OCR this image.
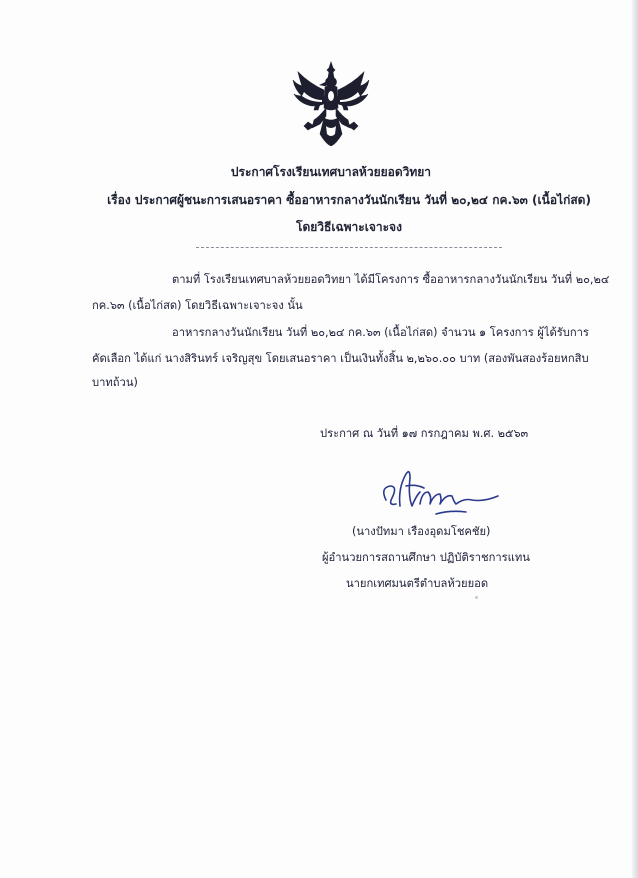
ประกาศโรงเรียนเทศบาลห้วยยอดวิทยา
เรื่อง ประกาศผู้ชนะการเสนอราคา ซื้ออาหารกลางวันนักเรียน วันที่ ๒๐,๒๔ กค.๖๓ (เนื้อไก่สด)
โดยวิธีเฉพาะเจาะจง
ตามที่ โรงเรียนเทศบาลห้วยยอดวิทยา ได้มีโครงการ ซื้ออาหารกลางวันนักเรียน วันที่ ๒๐,๒๔
กค.๖๓ (เนื้อไก่สด) โดยวิธีเฉพาะเจาะจง นั้น
อาหารกลางวันนักเรียน วันที่ ๒๐,๒๔ กค.๖๓ (เนื้อไก่สด) จำนวน ๑ โครงการ ผู้ได้รับการ
คัดเลือก ได้แก่ นางสิรินทร์ เจริญสุข โดยเสนอราคา เป็นเงินทั้งสิ้น ๒,๒๖๐.๐๐ บาท (สองพันสองร้อยหกสิบ
บาทถ้วน)
ประกาศ ณ วันที่ ๑๗ กรกฎาคม พ.ศ. ๒๕๖๓
(นางปัทมา เรืองอุดมโชคชัย)
ผู้อำนวยการสถานศึกษา ปฏิบัติราชการแทน
นายกเทศมนตรีตำบลห้วยยอด
